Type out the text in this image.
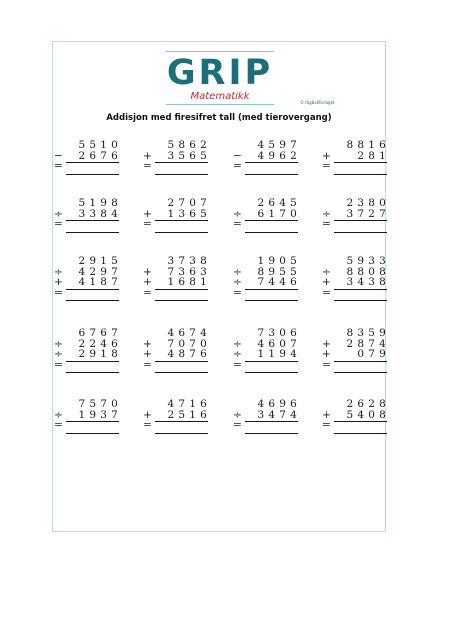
GRIP
Matematikk
© fagbokforlaget
Addisjon med firesifret tall (med tierovergang)
5510
−	2676
=
5862
+	3565
=
4597
−	4962
=
8816
+	281
=
5198
÷	3384
=
2707
+	1365
=
2645
÷	6170
=
2380
÷	3727
=
2915
÷	4297
+	4187
=
3738
+	7363
+	1681
=
1905
÷	8955
÷	7446
=
5933
÷	8808
+	3438
=
6767
÷	2246
÷	2918
=
4674
+	7070
+	4876
=
7306
÷	4607
÷	1194
=
8359
+	2874
+	079
=
7570
÷	1937
=
4716
+	2516
=
4696
÷	3474
=
2628
+	5408
=
